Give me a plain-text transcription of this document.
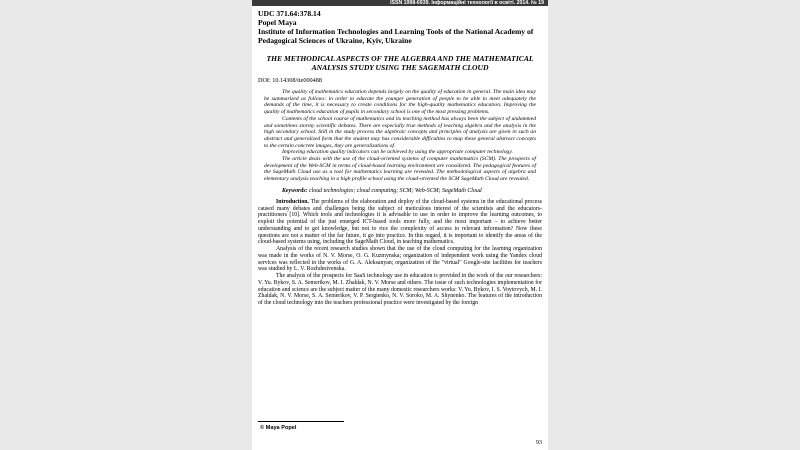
ISSN 1998-6939. Інформаційні технології в освіті. 2014. № 19

UDC 371.64:378.14

Popel Maya

Institute of Information Technologies and Learning Tools of the National Academy of Pedagogical Sciences of Ukraine, Kyiv, Ukraine

THE METHODICAL ASPECTS OF THE ALGEBRA AND THE MATHEMATICAL ANALYSIS STUDY USING THE SAGEMATH CLOUD

DOI: 10.14308/ite000488

The quality of mathematics education depends largely on the quality of education in general. The main idea may be summarized as follows: in order to educate the younger generation of people to be able to meet adequately the demands of the time, it is necessary to create conditions for the high-quality mathematics education. Improving the quality of mathematics education of pupils in secondary school is one of the most pressing problems.

Contents of the school course of mathematics and its teaching method has always been the subject of undammed and sometimes stormy scientific debates. There are especially true methods of teaching algebra and the analysis in the high secondary school. Still in the study process the algebraic concepts and principles of analysis are given in such an abstract and generalized form that the student may has considerable difficulties to map these general abstract concepts to the certain concrete images, they are generalizations of.

Improving education quality indicators can be achieved by using the appropriate computer technology.

The article deals with the use of the cloud-oriented systems of computer mathematics (SCM). The prospects of development of the Web-SCM in terms of cloud-based learning environment are considered. The pedagogical features of the SageMath Cloud use as a tool for mathematics learning are revealed. The methodological aspects of algebra and elementary analysis teaching in a high profile school using the cloud-oriented the SCM SageMath Cloud are revealed.

Keywords: cloud technologies; cloud computing; SCM; Web-SCM; SageMath Cloud

Introduction. The problems of the elaboration and deploy of the cloud-based systems in the educational process caused many debates and challenges being the subject of meticulous interest of the scientists and the educators-practitioners [10]. Which tools and technologies it is advisable to use in order to improve the learning outcomes, to exploit the potential of the just emerged ICT-based tools more fully, and the most important – to achieve better understanding and to get knowledge, but not to rice the complexity of access to relevant information? Now these questions are not a matter of the far future, it go into practice. In this regard, it is important to identify the areas of the cloud-based systems using, including the SageMath Cloud, in teaching mathematics.

Analysis of the recent research studies shown that the use of the cloud computing for the learning organization was made in the works of N. V. Morse, O. G. Kuzmynska; organization of independent work using the Yandex cloud services was reflected in the works of G. A. Aleksanyan; organization of the "virtual" Google-site facilities for teachers was studied by L. V. Rozhdestvenska.

The analysis of the prospects for SaaS technology use in education is provided in the work of the our researchers: V. Yu. Bykov, S. A. Semerikov, M. I. Zhaldak, N. V. Morse and others. The issue of such technologies implementation for education and science are the subject matter of the many domestic researchers works: V. Yu. Bykov, I. S. Voytovych, M. I. Zhaldak, N. V. Morse, S. A. Semerikov, V. P. Sergienko, N. V. Soroko, M. A. Shynenko. The features of the introduction of the cloud technology into the teachers professional practice were investigated by the foreign

© Maya Popel
93
